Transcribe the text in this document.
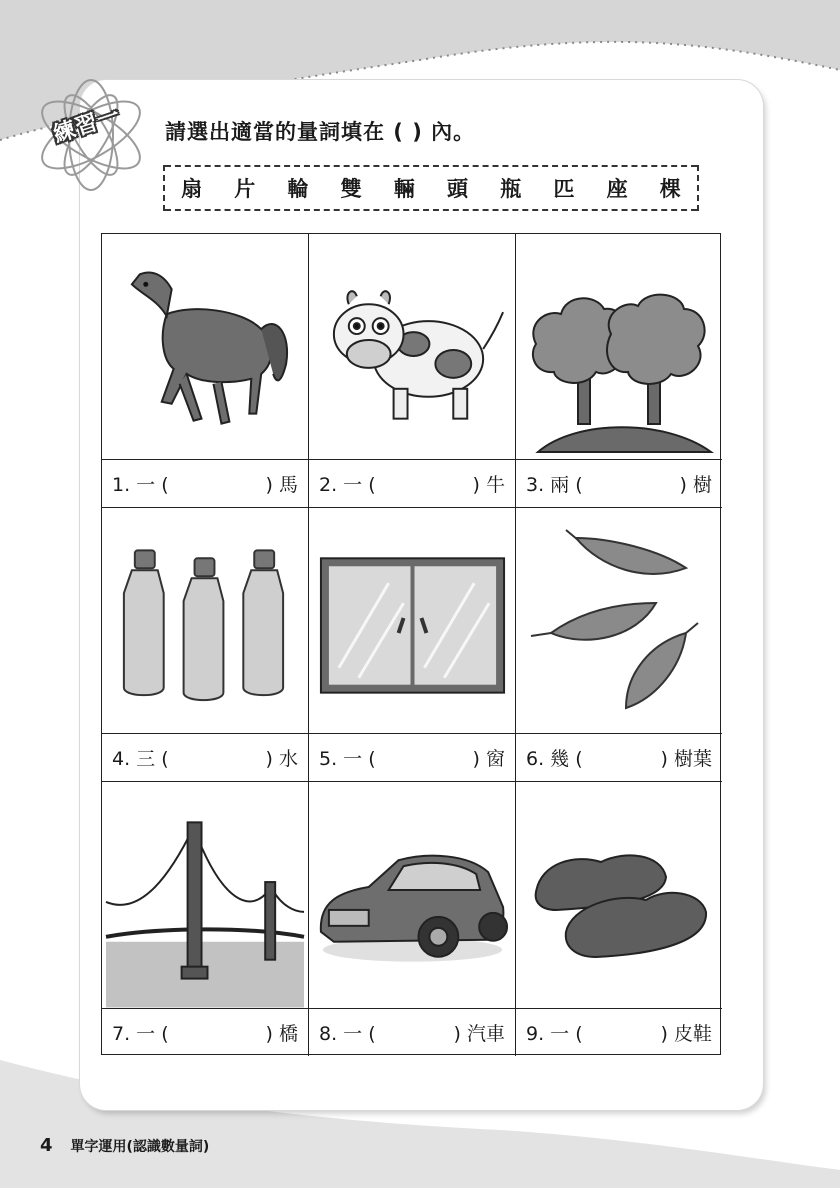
練習一 請選出適當的量詞填在 ( ) 內。
扇 片 輪 雙 輛 頭 瓶 匹 座 棵
1. 一 (	) 馬 2. 一 (	) 牛 3. 兩 (	) 樹
4. 三 (	) 水 5. 一 (	) 窗 6. 幾 (	) 樹葉
7. 一 (	) 橋 8. 一 (	) 汽車 9. 一 (	) 皮鞋
4 單字運用(認識數量詞)
